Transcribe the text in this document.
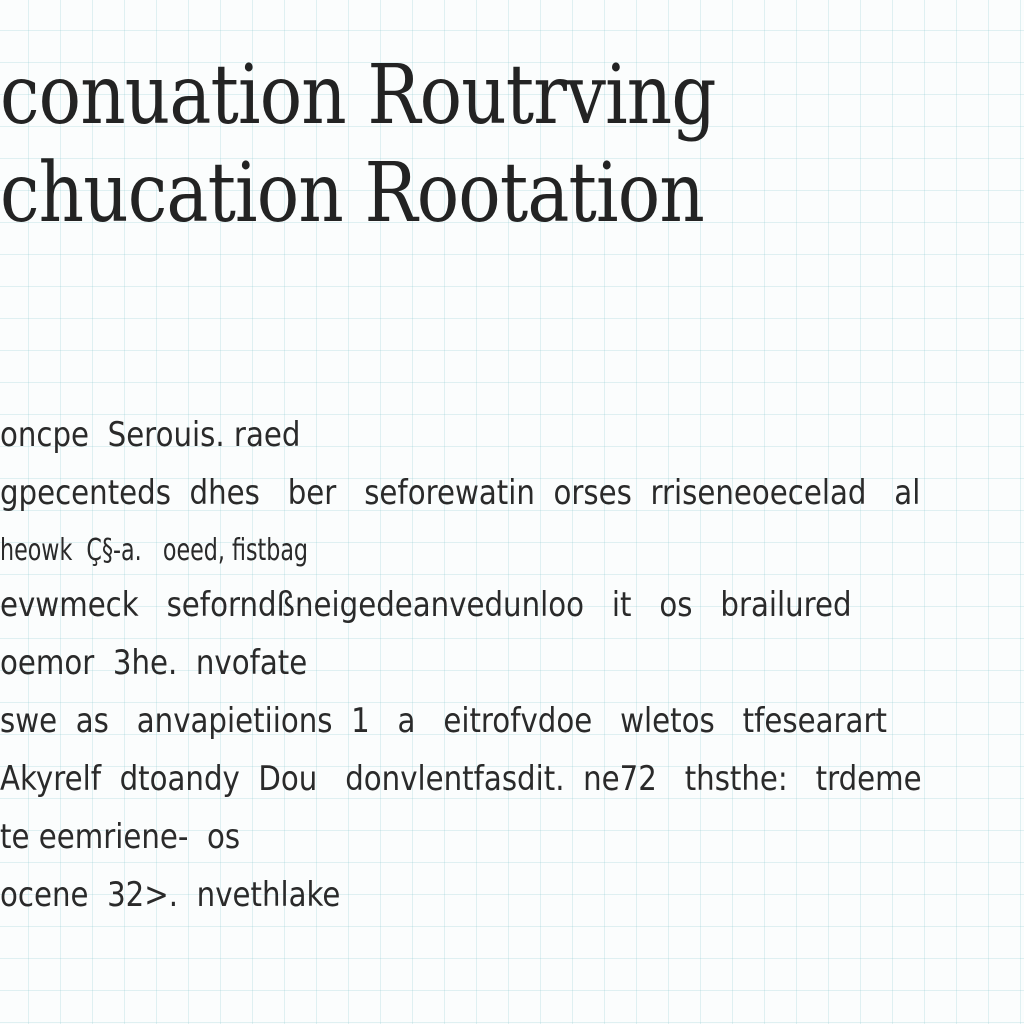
conuation Routrving
chucation Rootation

oncpe  Serouis. raed

gpecenteds  dhes   ber   seforewatin  orses  rriseneoecelad   al

heowk  Ç§-a.   oeed, fistbag

evwmeck   seforndßneigedeanvedunloo   it   os   brailured

oemor  3he.  nvofate

swe  as   anvapietiions  1   a   eitrofvdoe   wletos   tfesearart

Akyrelf  dtoandy  Dou   donvlentfasdit.  ne72   thsthe:   trdeme

te eemriene-  os

ocene  32>.  nvethlake
